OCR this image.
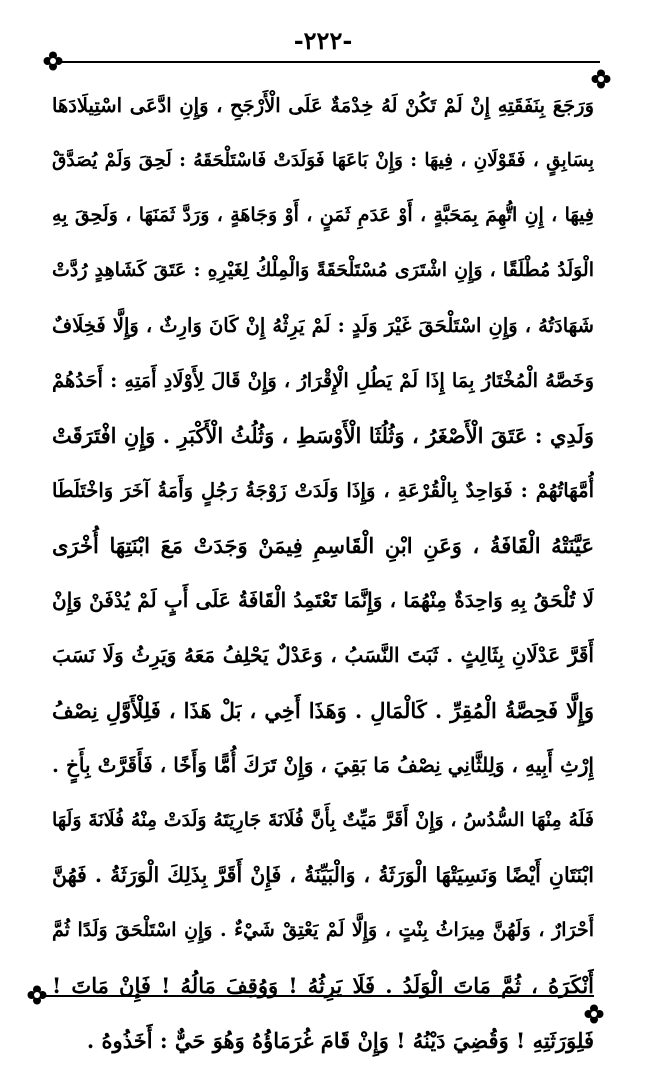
-٢٢٢-
وَرَجَعَ بِنَفَقَتِهِ إِنْ لَمْ تَكُنْ لَهُ خِدْمَةٌ عَلَى الْأَرْجَحِ ، وَإِنِ ادَّعَى اسْتِيلَادَهَا
بِسَابِقٍ ، فَقَوْلَانِ ، فِيهَا : وَإِنْ بَاعَهَا فَوَلَدَتْ فَاسْتَلْحَقَهُ : لَحِقَ وَلَمْ يُصَدَّقْ
فِيهَا ، إِنِ اتُّهِمَ بِمَحَبَّةٍ ، أَوْ عَدَمِ ثَمَنٍ ، أَوْ وَجَاهَةٍ ، وَرَدَّ ثَمَنَهَا ، وَلَحِقَ بِهِ
الْوَلَدُ مُطْلَقًا ، وَإِنِ اشْتَرَى مُسْتَلْحَقَةً وَالْمِلْكُ لِغَيْرِهِ : عَتَقَ كَشَاهِدٍ رُدَّتْ
شَهَادَتُهُ ، وَإِنِ اسْتَلْحَقَ غَيْرَ وَلَدٍ : لَمْ يَرِثْهُ إِنْ كَانَ وَارِثٌ ، وَإِلَّا فَخِلَافٌ
وَخَصَّهُ الْمُخْتَارُ بِمَا إِذَا لَمْ يَطُلِ الْإِقْرَارُ ، وَإِنْ قَالَ لِأَوْلَادِ أَمَتِهِ : أَحَدُهُمْ
وَلَدِي : عَتَقَ الْأَصْغَرُ ، وَثُلُثَا الْأَوْسَطِ ، وَثُلُثُ الْأَكْبَرِ . وَإِنِ افْتَرَقَتْ
أُمَّهَاتُهُمْ : فَوَاحِدٌ بِالْقُرْعَةِ ، وَإِذَا وَلَدَتْ زَوْجَةُ رَجُلٍ وَأَمَةُ آخَرَ وَاخْتَلَطَا
عَيَّنَتْهُ الْقَافَةُ ، وَعَنِ ابْنِ الْقَاسِمِ فِيمَنْ وَجَدَتْ مَعَ ابْنَتِهَا أُخْرَى
لَا تُلْحَقُ بِهِ وَاحِدَةٌ مِنْهُمَا ، وَإِنَّمَا تَعْتَمِدُ الْقَافَةُ عَلَى أَبٍ لَمْ يُدْفَنْ وَإِنْ
أَقَرَّ عَدْلَانِ بِثَالِثٍ . ثَبَتَ النَّسَبُ ، وَعَدْلٌ يَحْلِفُ مَعَهُ وَيَرِثُ وَلَا نَسَبَ
وَإِلَّا فَحِصَّةُ الْمُقِرِّ . كَالْمَالِ . وَهَذَا أَخِي ، بَلْ هَذَا ، فَلِلْأَوَّلِ نِصْفُ
إِرْثِ أَبِيهِ ، وَلِلثَّانِي نِصْفُ مَا بَقِيَ ، وَإِنْ تَرَكَ أُمًّا وَأَخًا ، فَأَقَرَّتْ بِأَخٍ .
فَلَهُ مِنْهَا السُّدُسُ ، وَإِنْ أَقَرَّ مَيِّتٌ بِأَنَّ فُلَانَةَ جَارِيَتَهُ وَلَدَتْ مِنْهُ فُلَانَةَ وَلَهَا
ابْنَتَانِ أَيْضًا وَنَسِيَتْهَا الْوَرَثَةُ ، وَالْبَيِّنَةُ ، فَإِنْ أَقَرَّ بِذَلِكَ الْوَرَثَةُ . فَهُنَّ
أَحْرَارٌ ، وَلَهُنَّ مِيرَاثُ بِنْتٍ ، وَإِلَّا لَمْ يَعْتِقْ شَيْءٌ . وَإِنِ اسْتَلْحَقَ وَلَدًا ثُمَّ
أَنْكَرَهُ ، ثُمَّ مَاتَ الْوَلَدُ . فَلَا يَرِثُهُ ! وَوُقِفَ مَالُهُ ! فَإِنْ مَاتَ !
فَلِوَرَثَتِهِ ! وَقُضِيَ دَيْنُهُ ! وَإِنْ قَامَ غُرَمَاؤُهُ وَهُوَ حَيٌّ : أَخَذُوهُ .
